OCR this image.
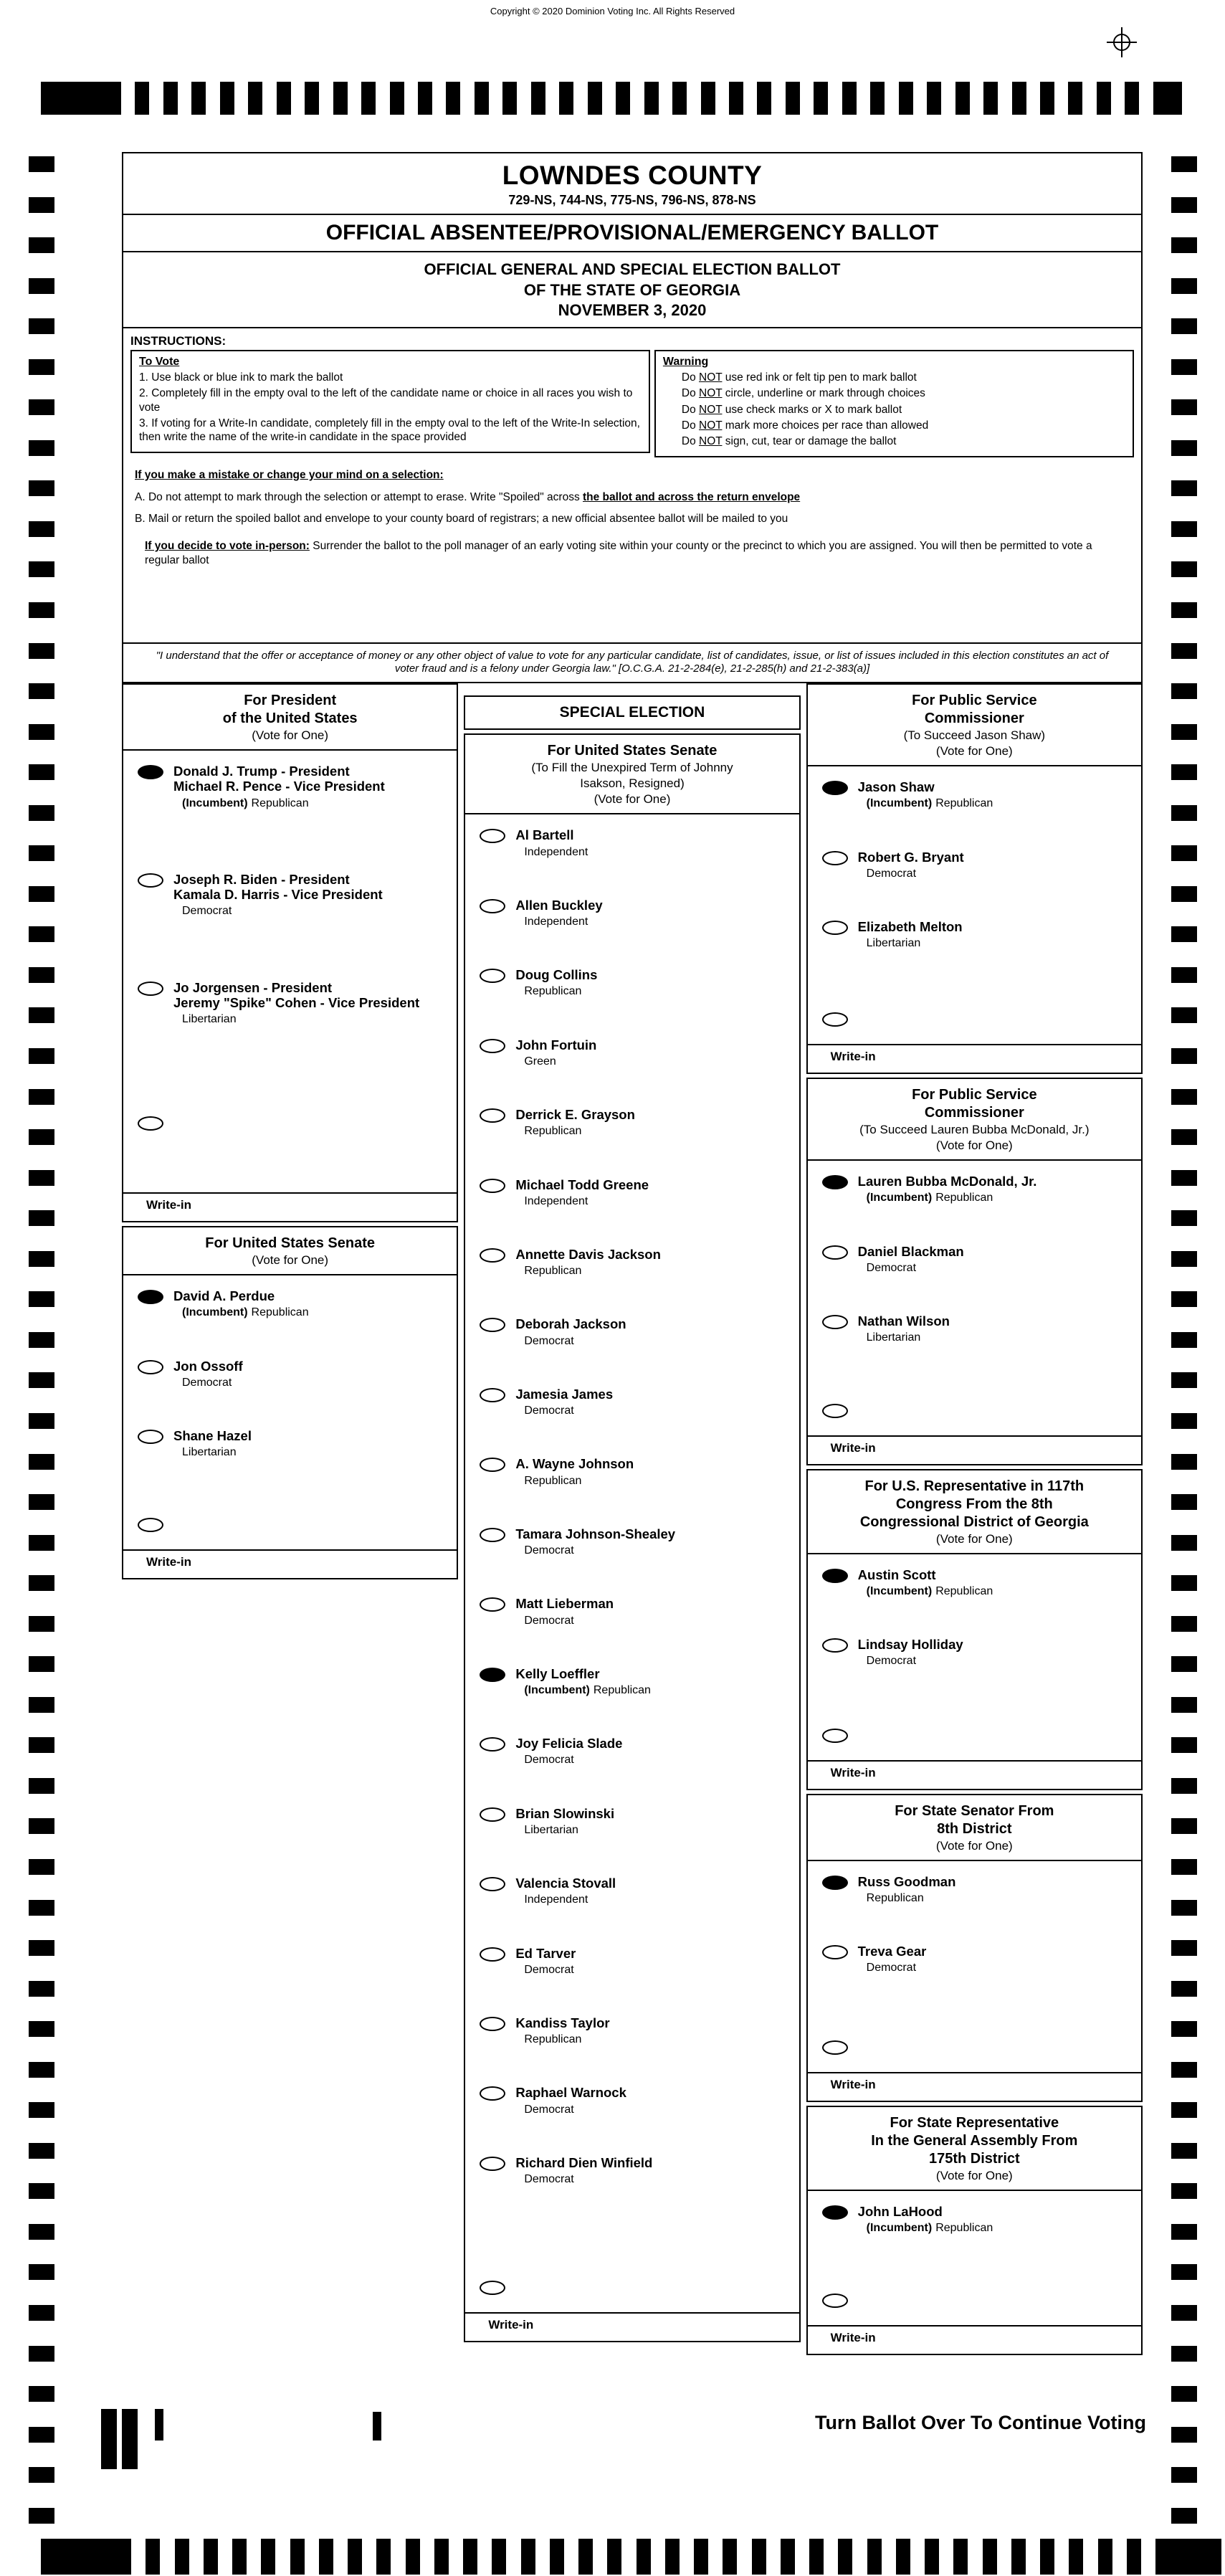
Copyright © 2020 Dominion Voting Inc. All Rights Reserved
LOWNDES COUNTY
729-NS, 744-NS, 775-NS, 796-NS, 878-NS
OFFICIAL ABSENTEE/PROVISIONAL/EMERGENCY BALLOT
OFFICIAL GENERAL AND SPECIAL ELECTION BALLOT
OF THE STATE OF GEORGIA
NOVEMBER 3, 2020
INSTRUCTIONS:
To Vote
1. Use black or blue ink to mark the ballot
2. Completely fill in the empty oval to the left of the candidate name or choice in all races you wish to vote
3. If voting for a Write-In candidate, completely fill in the empty oval to the left of the Write-In selection, then write the name of the write-in candidate in the space provided
Warning
Do NOT use red ink or felt tip pen to mark ballot
Do NOT circle, underline or mark through choices
Do NOT use check marks or X to mark ballot
Do NOT mark more choices per race than allowed
Do NOT sign, cut, tear or damage the ballot
If you make a mistake or change your mind on a selection:
A. Do not attempt to mark through the selection or attempt to erase. Write "Spoiled" across the ballot and across the return envelope
B. Mail or return the spoiled ballot and envelope to your county board of registrars; a new official absentee ballot will be mailed to you
If you decide to vote in-person: Surrender the ballot to the poll manager of an early voting site within your county or the precinct to which you are assigned. You will then be permitted to vote a regular ballot
"I understand that the offer or acceptance of money or any other object of value to vote for any particular candidate, list of candidates, issue, or list of issues included in this election constitutes an act of voter fraud and is a felony under Georgia law." [O.C.G.A. 21-2-284(e), 21-2-285(h) and 21-2-383(a)]
For President
of the United States
(Vote for One)
Donald J. Trump - President
Michael R. Pence - Vice President
(Incumbent) Republican
Joseph R. Biden - President
Kamala D. Harris - Vice President
Democrat
Jo Jorgensen - President
Jeremy "Spike" Cohen - Vice President
Libertarian
Write-in
For United States Senate
(Vote for One)
David A. Perdue
(Incumbent) Republican
Jon Ossoff
Democrat
Shane Hazel
Libertarian
Write-in
SPECIAL ELECTION
For United States Senate
(To Fill the Unexpired Term of Johnny
Isakson, Resigned)
(Vote for One)
Al Bartell
Independent
Allen Buckley
Independent
Doug Collins
Republican
John Fortuin
Green
Derrick E. Grayson
Republican
Michael Todd Greene
Independent
Annette Davis Jackson
Republican
Deborah Jackson
Democrat
Jamesia James
Democrat
A. Wayne Johnson
Republican
Tamara Johnson-Shealey
Democrat
Matt Lieberman
Democrat
Kelly Loeffler
(Incumbent) Republican
Joy Felicia Slade
Democrat
Brian Slowinski
Libertarian
Valencia Stovall
Independent
Ed Tarver
Democrat
Kandiss Taylor
Republican
Raphael Warnock
Democrat
Richard Dien Winfield
Democrat
Write-in
For Public Service
Commissioner
(To Succeed Jason Shaw)
(Vote for One)
Jason Shaw
(Incumbent) Republican
Robert G. Bryant
Democrat
Elizabeth Melton
Libertarian
Write-in
For Public Service
Commissioner
(To Succeed Lauren Bubba McDonald, Jr.)
(Vote for One)
Lauren Bubba McDonald, Jr.
(Incumbent) Republican
Daniel Blackman
Democrat
Nathan Wilson
Libertarian
Write-in
For U.S. Representative in 117th
Congress From the 8th
Congressional District of Georgia
(Vote for One)
Austin Scott
(Incumbent) Republican
Lindsay Holliday
Democrat
Write-in
For State Senator From
8th District
(Vote for One)
Russ Goodman
Republican
Treva Gear
Democrat
Write-in
For State Representative
In the General Assembly From
175th District
(Vote for One)
John LaHood
(Incumbent) Republican
Write-in
Turn Ballot Over To Continue Voting
+
